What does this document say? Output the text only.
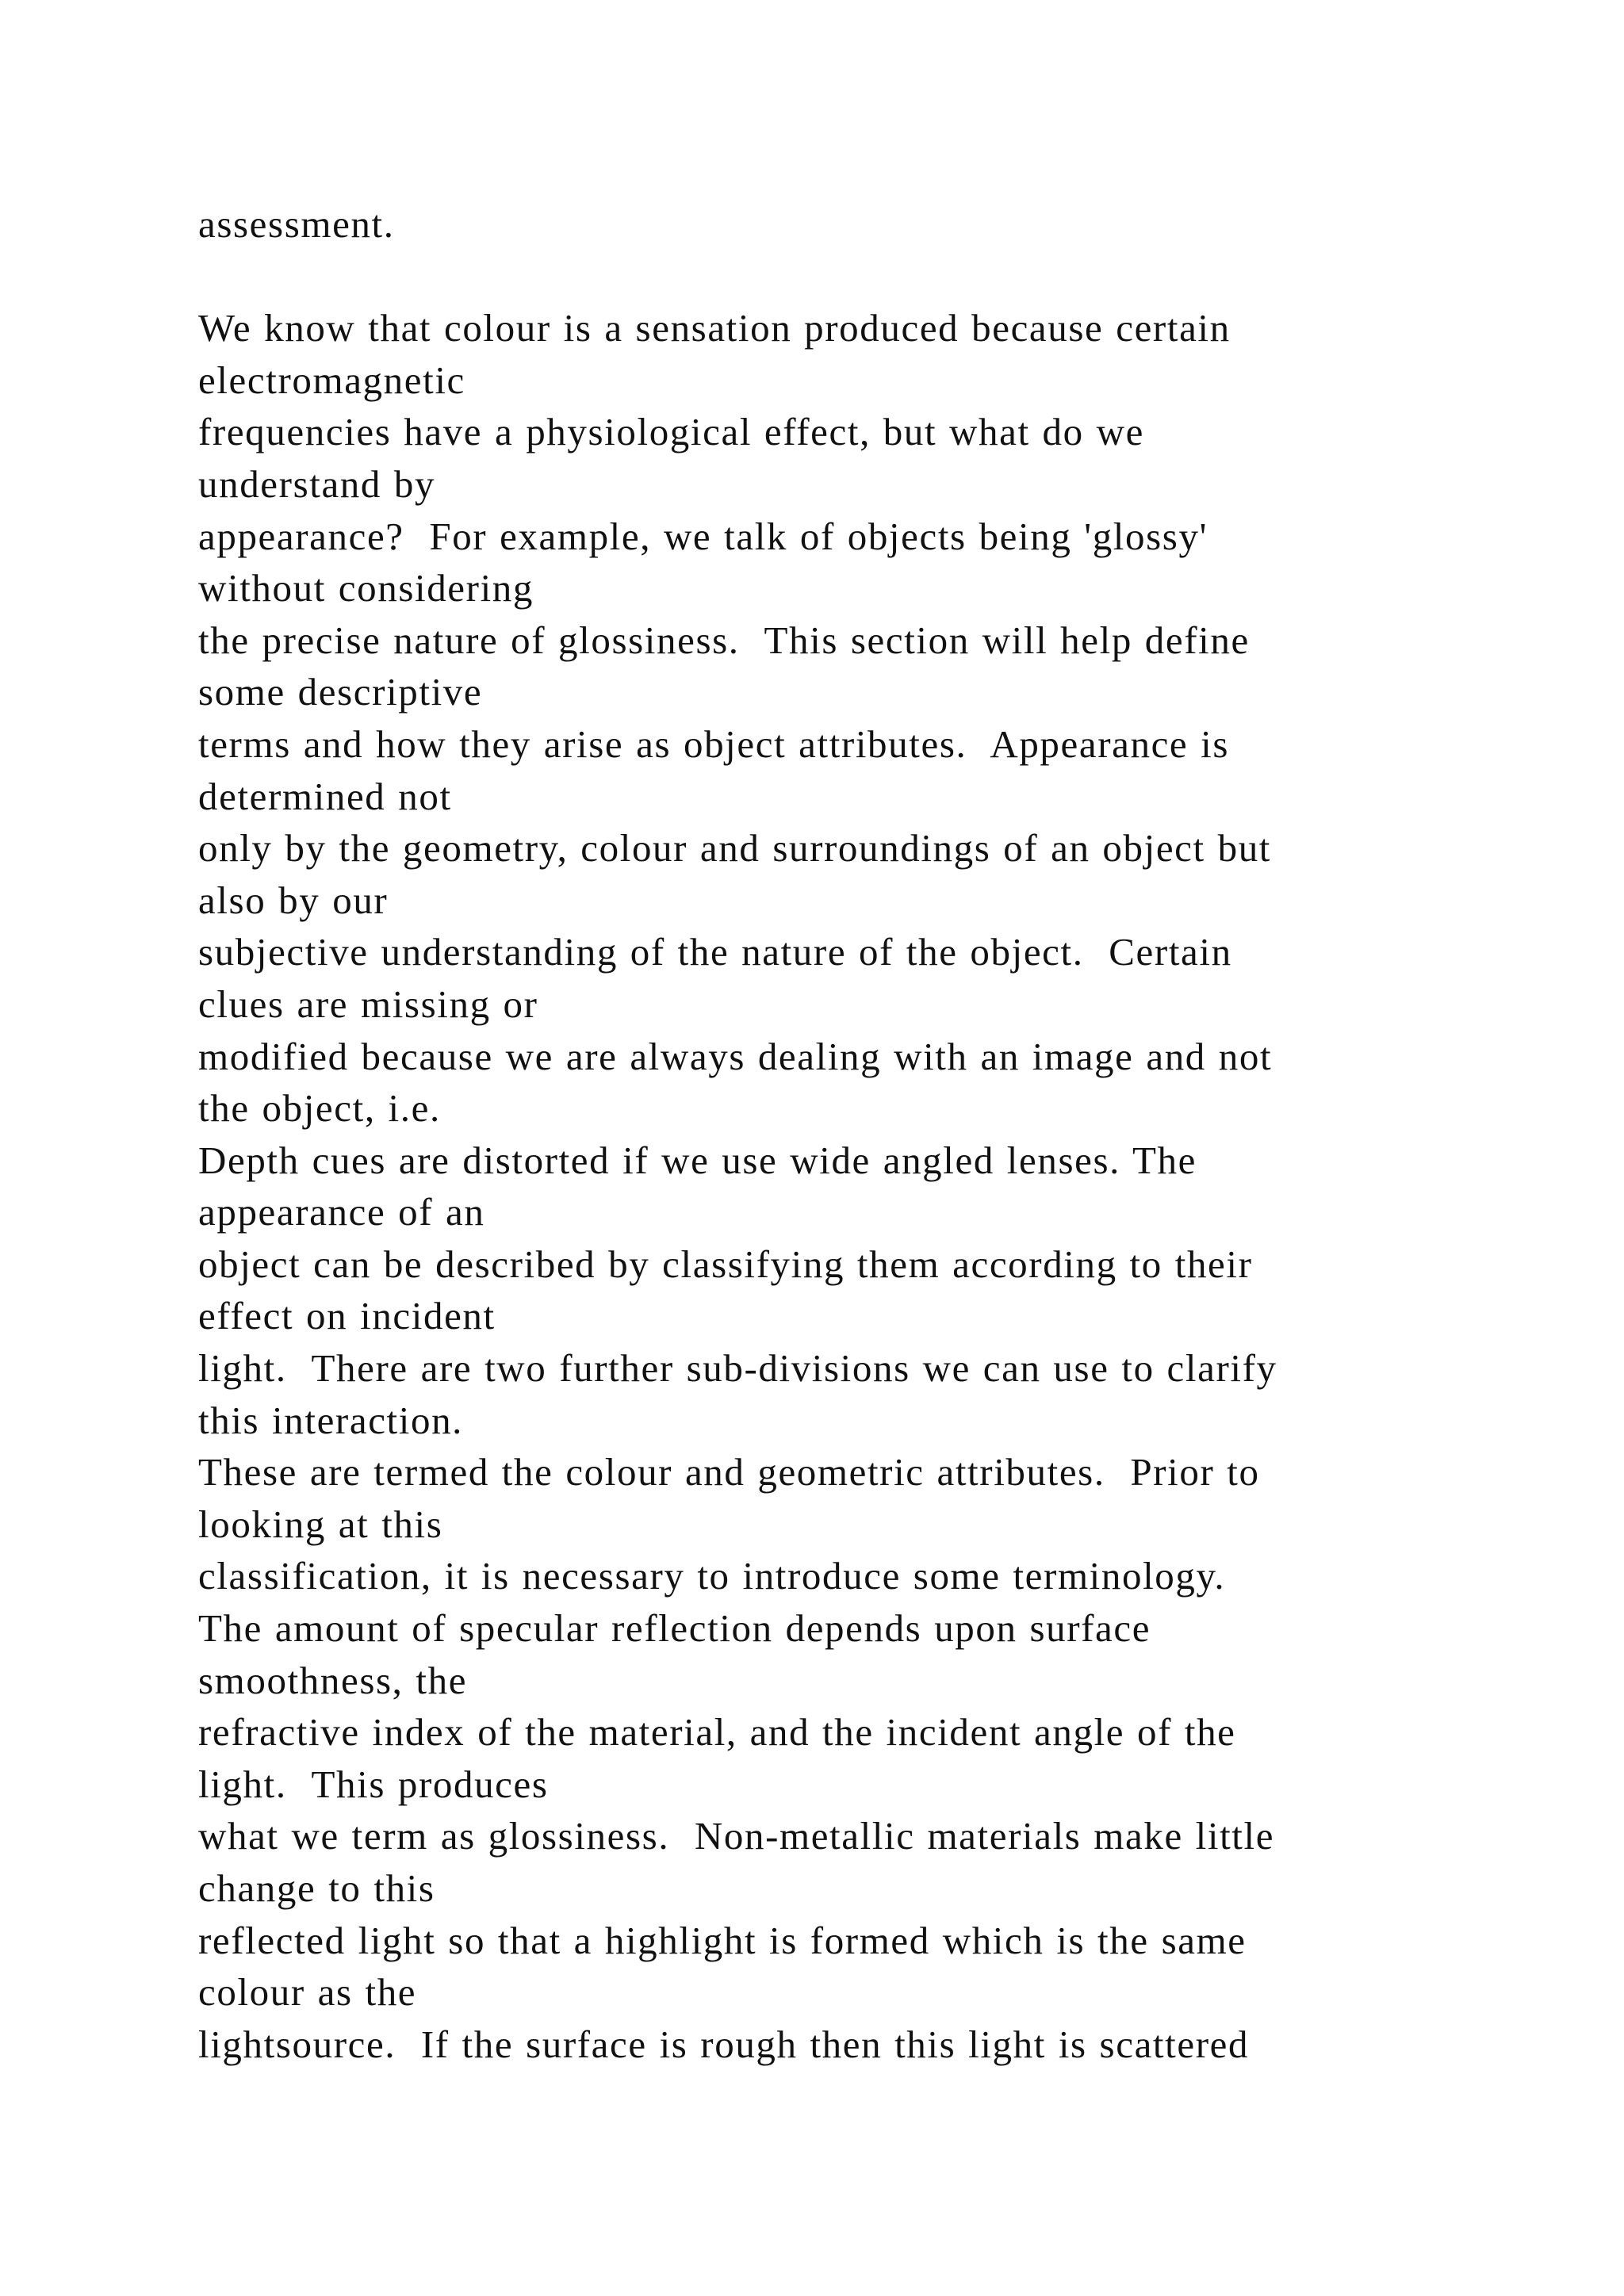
assessment.
We know that colour is a sensation produced because certain
electromagnetic
frequencies have a physiological effect, but what do we
understand by
appearance?  For example, we talk of objects being 'glossy'
without considering
the precise nature of glossiness.  This section will help define
some descriptive
terms and how they arise as object attributes.  Appearance is
determined not
only by the geometry, colour and surroundings of an object but
also by our
subjective understanding of the nature of the object.  Certain
clues are missing or
modified because we are always dealing with an image and not
the object, i.e.
Depth cues are distorted if we use wide angled lenses. The
appearance of an
object can be described by classifying them according to their
effect on incident
light.  There are two further sub-divisions we can use to clarify
this interaction.
These are termed the colour and geometric attributes.  Prior to
looking at this
classification, it is necessary to introduce some terminology.
The amount of specular reflection depends upon surface
smoothness, the
refractive index of the material, and the incident angle of the
light.  This produces
what we term as glossiness.  Non-metallic materials make little
change to this
reflected light so that a highlight is formed which is the same
colour as the
lightsource.  If the surface is rough then this light is scattered
